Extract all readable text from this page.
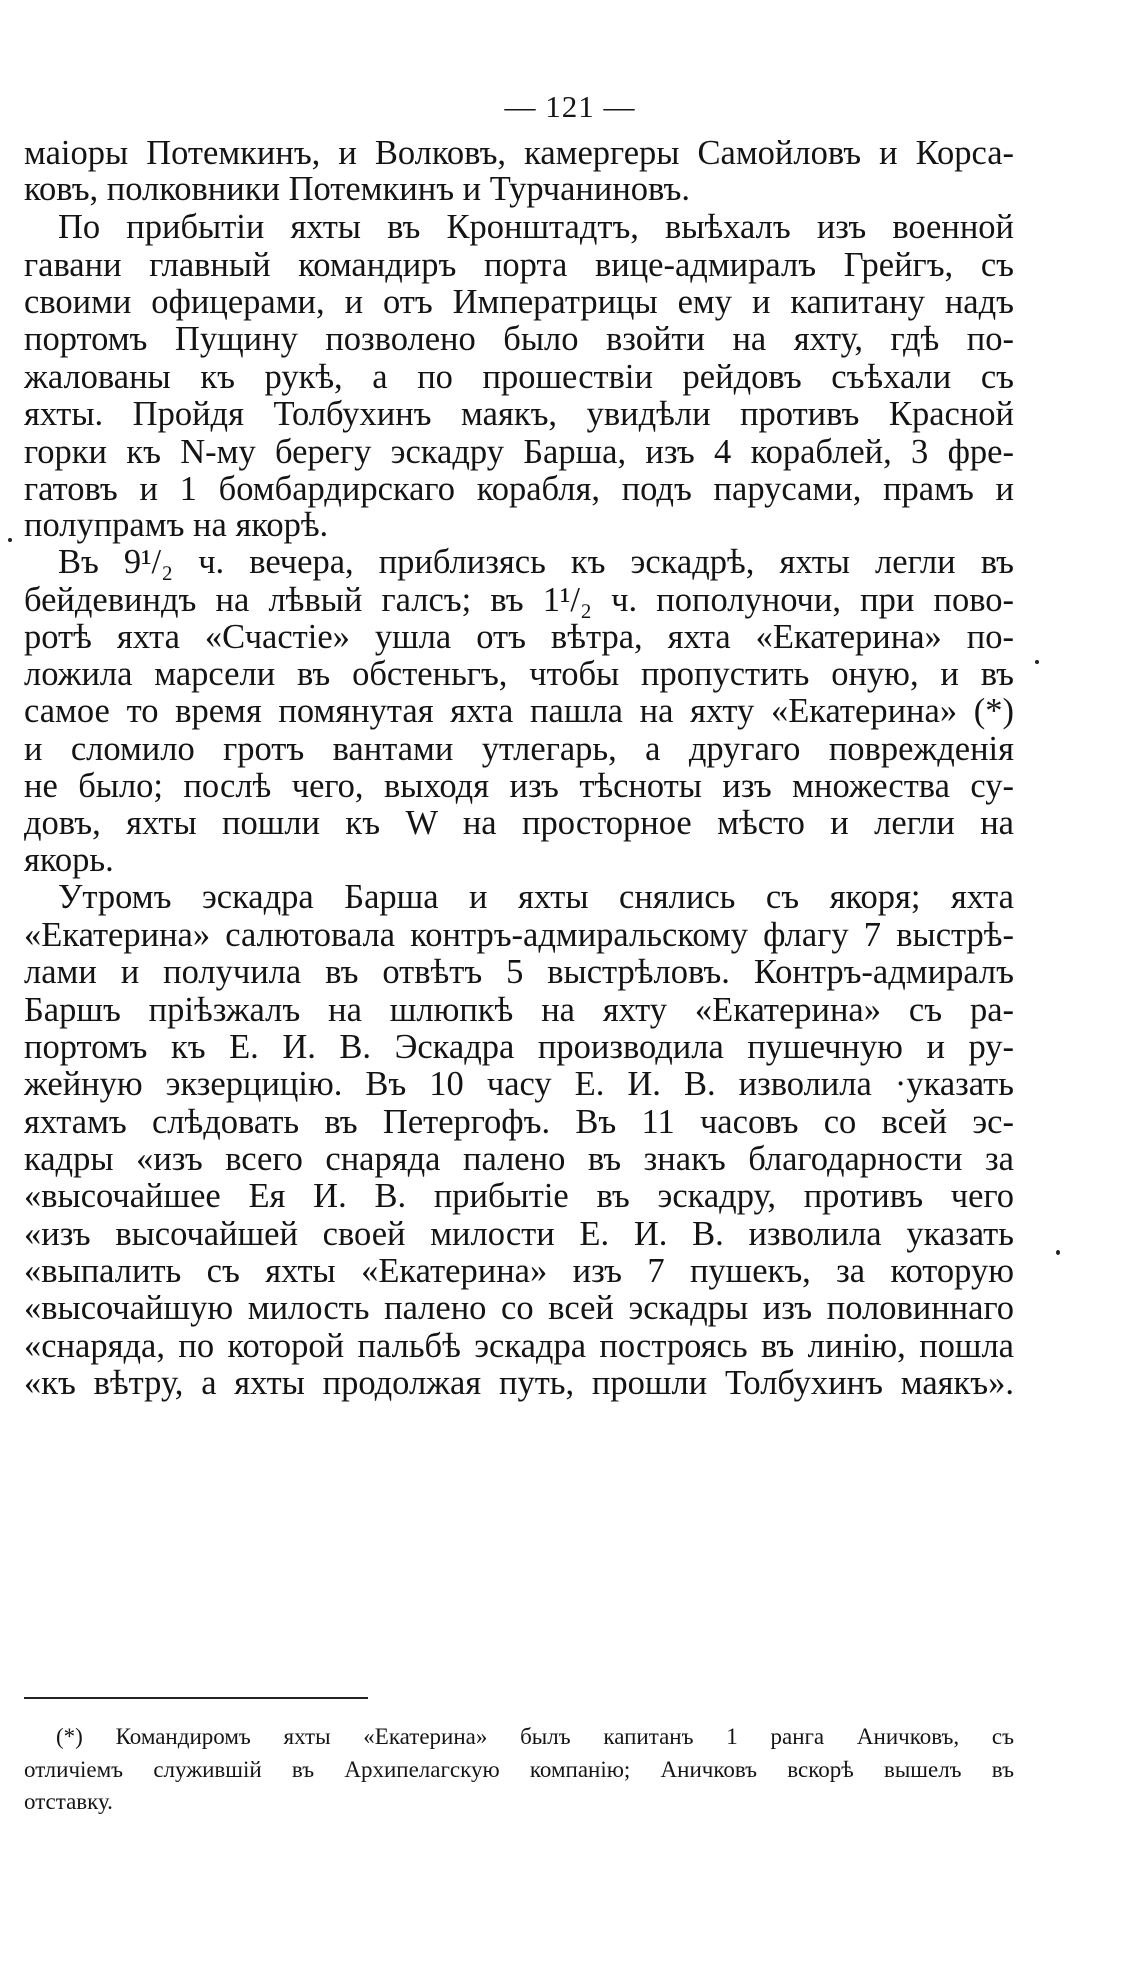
— 121 —
маіоры Потемкинъ, и Волковъ, камергеры Самойловъ и Корса-
ковъ, полковники Потемкинъ и Турчаниновъ.
По прибытіи яхты въ Кронштадтъ, выѣхалъ изъ военной
гавани главный командиръ порта вице-адмиралъ Грейгъ, съ
своими офицерами, и отъ Императрицы ему и капитану надъ
портомъ Пущину позволено было взойти на яхту, гдѣ по-
жалованы къ рукѣ, а по прошествіи рейдовъ съѣхали съ
яхты. Пройдя Толбухинъ маякъ, увидѣли противъ Красной
горки къ N-му берегу эскадру Барша, изъ 4 кораблей, 3 фре-
гатовъ и 1 бомбардирскаго корабля, подъ парусами, прамъ и
полупрамъ на якорѣ.
Въ 9¹/₂ ч. вечера, приблизясь къ эскадрѣ, яхты легли въ
бейдевиндъ на лѣвый галсъ; въ 1¹/₂ ч. пополуночи, при пово-
ротѣ яхта «Счастіе» ушла отъ вѣтра, яхта «Екатерина» по-
ложила марсели въ обстеньгъ, чтобы пропустить оную, и въ
самое то время помянутая яхта пашла на яхту «Екатерина» (*)
и сломило гротъ вантами утлегарь, а другаго поврежденія
не было; послѣ чего, выходя изъ тѣсноты изъ множества су-
довъ, яхты пошли къ W на просторное мѣсто и легли на
якорь.
Утромъ эскадра Барша и яхты снялись съ якоря; яхта
«Екатерина» салютовала контръ-адмиральскому флагу 7 выстрѣ-
лами и получила въ отвѣтъ 5 выстрѣловъ. Контръ-адмиралъ
Баршъ пріѣзжалъ на шлюпкѣ на яхту «Екатерина» съ ра-
портомъ къ Е. И. В. Эскадра производила пушечную и ру-
жейную экзерцицію. Въ 10 часу Е. И. В. изволила ·указать
яхтамъ слѣдовать въ Петергофъ. Въ 11 часовъ со всей эс-
кадры «изъ всего снаряда палено въ знакъ благодарности за
«высочайшее Ея И. В. прибытіе въ эскадру, противъ чего
«изъ высочайшей своей милости Е. И. В. изволила указать
«выпалить съ яхты «Екатерина» изъ 7 пушекъ, за которую
«высочайшую милость палено со всей эскадры изъ половиннаго
«снаряда, по которой пальбѣ эскадра построясь въ линію, пошла
«къ вѣтру, а яхты продолжая путь, прошли Толбухинъ маякъ».
(*) Командиромъ яхты «Екатерина» былъ капитанъ 1 ранга Аничковъ, съ
отличіемъ служившій въ Архипелагскую компанію; Аничковъ вскорѣ вышелъ въ
отставку.
